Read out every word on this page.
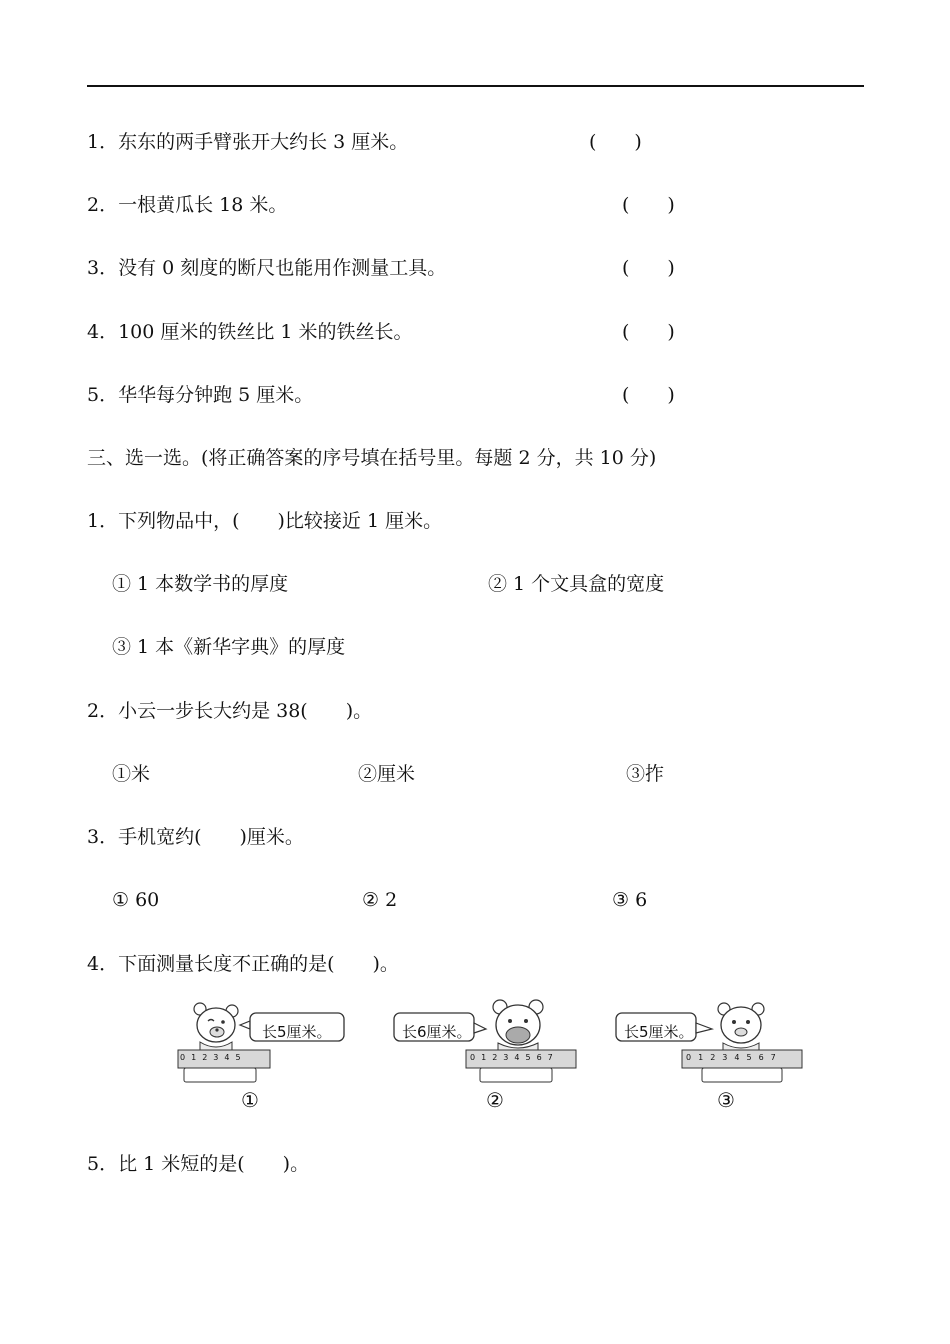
1．东东的两手臂张开大约长 3 厘米。	(　　)
2．一根黄瓜长 18 米。	(　　)
3．没有 0 刻度的断尺也能用作测量工具。	(　　)
4．100 厘米的铁丝比 1 米的铁丝长。	(　　)
5．华华每分钟跑 5 厘米。	(　　)
三、选一选。(将正确答案的序号填在括号里。每题 2 分，共 10 分)
1．下列物品中，(　　)比较接近 1 厘米。
① 1 本数学书的厚度	② 1 个文具盒的宽度
③ 1 本《新华字典》的厚度
2．小云一步长大约是 38(　　)。
①米	②厘米	③拃
3．手机宽约(　　)厘米。
① 60	② 2	③ 6
4．下面测量长度不正确的是(　　)。
长5厘米。
012345
①
长6厘米。
01234567
②
长5厘米。
01234567
③
5．比 1 米短的是(　　)。
